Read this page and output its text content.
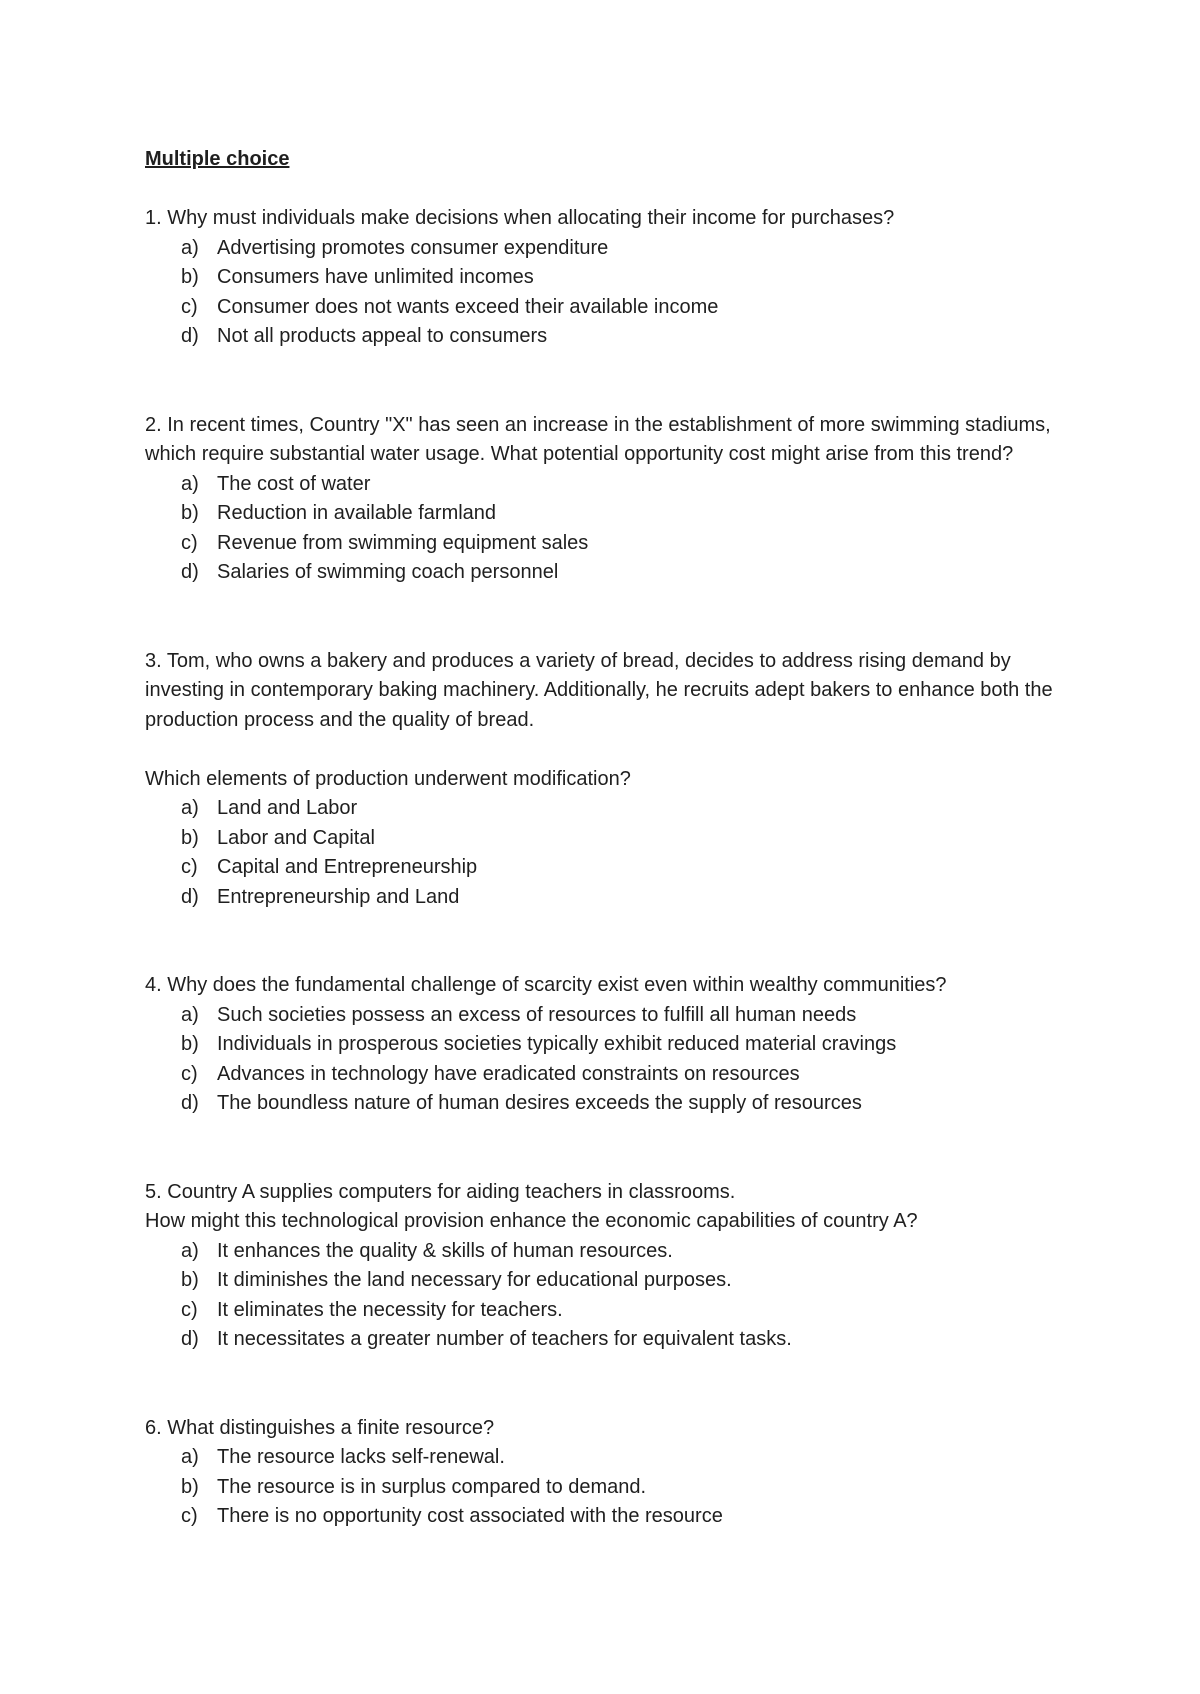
Multiple choice

1. Why must individuals make decisions when allocating their income for purchases?

a) Advertising promotes consumer expenditure
b) Consumers have unlimited incomes
c) Consumer does not wants exceed their available income
d) Not all products appeal to consumers

2. In recent times, Country "X" has seen an increase in the establishment of more swimming stadiums, which require substantial water usage. What potential opportunity cost might arise from this trend?

a) The cost of water
b) Reduction in available farmland
c) Revenue from swimming equipment sales
d) Salaries of swimming coach personnel

3. Tom, who owns a bakery and produces a variety of bread, decides to address rising demand by investing in contemporary baking machinery. Additionally, he recruits adept bakers to enhance both the production process and the quality of bread.

Which elements of production underwent modification?

a) Land and Labor
b) Labor and Capital
c) Capital and Entrepreneurship
d) Entrepreneurship and Land

4. Why does the fundamental challenge of scarcity exist even within wealthy communities?

a) Such societies possess an excess of resources to fulfill all human needs
b) Individuals in prosperous societies typically exhibit reduced material cravings
c) Advances in technology have eradicated constraints on resources
d) The boundless nature of human desires exceeds the supply of resources

5. Country A supplies computers for aiding teachers in classrooms.

How might this technological provision enhance the economic capabilities of country A?

a) It enhances the quality & skills of human resources.
b) It diminishes the land necessary for educational purposes.
c) It eliminates the necessity for teachers.
d) It necessitates a greater number of teachers for equivalent tasks.

6. What distinguishes a finite resource?

a) The resource lacks self-renewal.
b) The resource is in surplus compared to demand.
c) There is no opportunity cost associated with the resource
